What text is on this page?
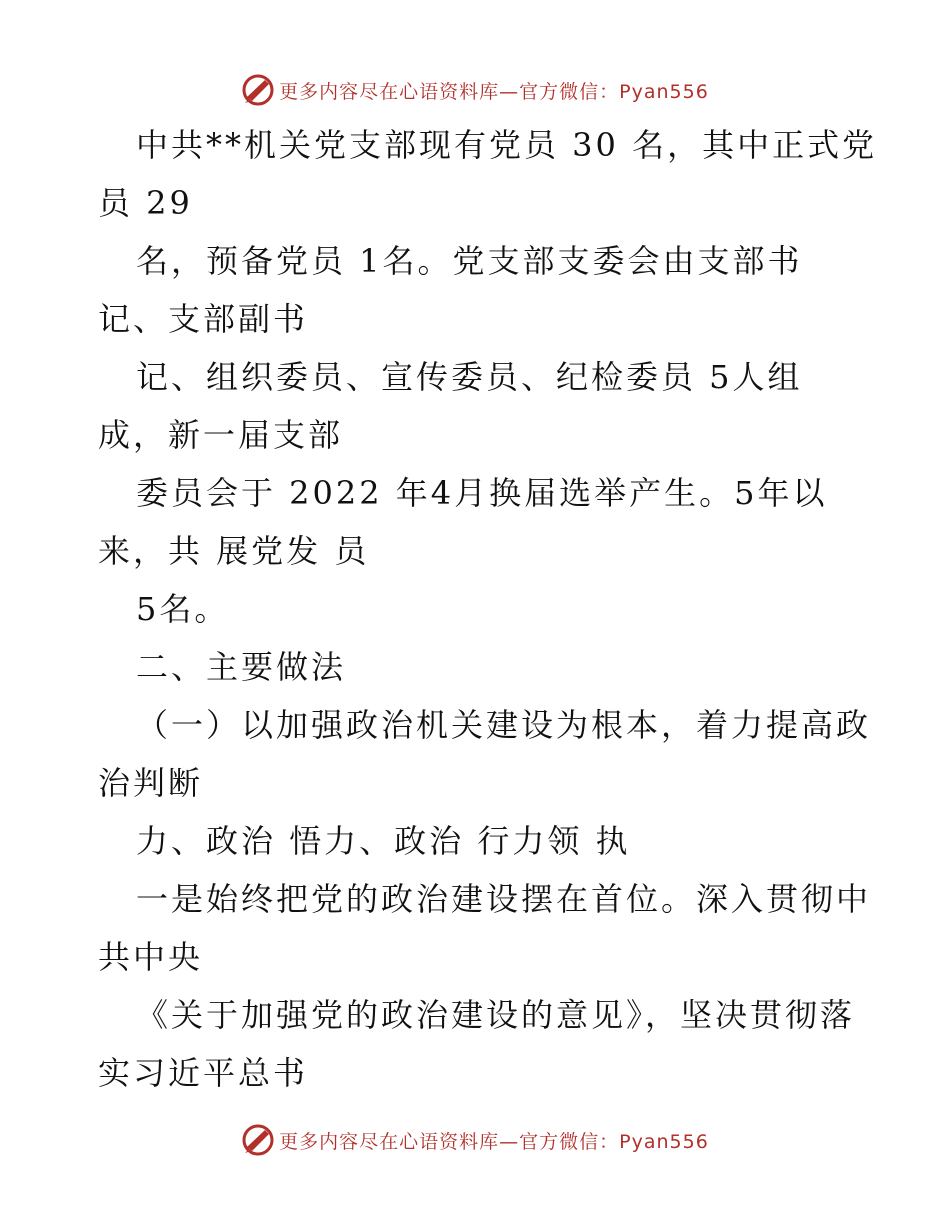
更多内容尽在心语资料库—官方微信：Pyan556
中共**机关党支部现有党员 30 名，其中正式党
员 29
名，预备党员 1名。党支部支委会由支部书
记、支部副书
记、组织委员、宣传委员、纪检委员 5人组
成，新一届支部
委员会于 2022 年4月换届选举产生。5年以
来，共 展党发 员
5名。
二、主要做法
（一）以加强政治机关建设为根本，着力提高政
治判断
力、政治 悟力、政治 行力领 执
一是始终把党的政治建设摆在首位。深入贯彻中
共中央
《关于加强党的政治建设的意见》，坚决贯彻落
实习近平总书
更多内容尽在心语资料库—官方微信：Pyan556
